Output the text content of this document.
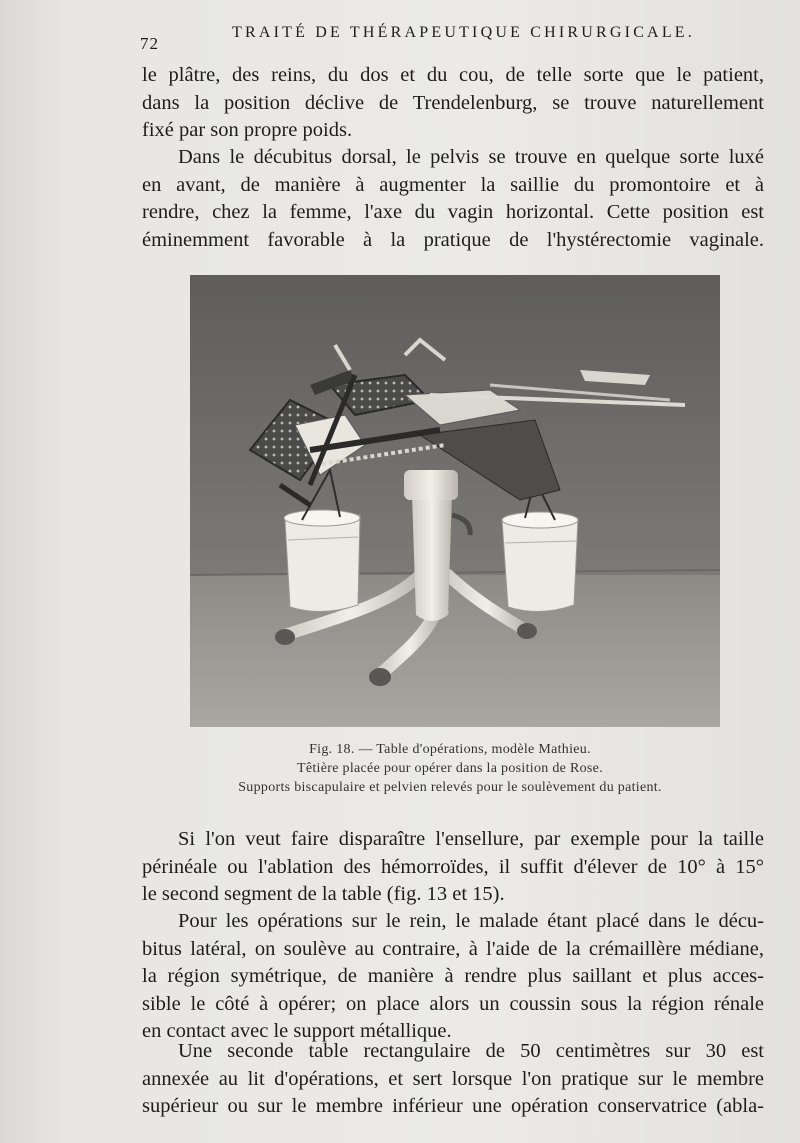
72
TRAITÉ DE THÉRAPEUTIQUE CHIRURGICALE.

le plâtre, des reins, du dos et du cou, de telle sorte que le patient,
dans la position déclive de Trendelenburg, se trouve naturellement
fixé par son propre poids.

Dans le décubitus dorsal, le pelvis se trouve en quelque sorte luxé
en avant, de manière à augmenter la saillie du promontoire et à
rendre, chez la femme, l'axe du vagin horizontal. Cette position est
éminemment favorable à la pratique de l'hystérectomie vaginale.

Fig. 18. — Table d'opérations, modèle Mathieu.
Têtière placée pour opérer dans la position de Rose.
Supports biscapulaire et pelvien relevés pour le soulèvement du patient.

Si l'on veut faire disparaître l'ensellure, par exemple pour la taille
périnéale ou l'ablation des hémorroïdes, il suffit d'élever de 10° à 15°
le second segment de la table (fig. 13 et 15).

Pour les opérations sur le rein, le malade étant placé dans le décu-
bitus latéral, on soulève au contraire, à l'aide de la crémaillère médiane,
la région symétrique, de manière à rendre plus saillant et plus acces-
sible le côté à opérer; on place alors un coussin sous la région rénale
en contact avec le support métallique.

Une seconde table rectangulaire de 50 centimètres sur 30 est
annexée au lit d'opérations, et sert lorsque l'on pratique sur le membre
supérieur ou sur le membre inférieur une opération conservatrice (abla-
